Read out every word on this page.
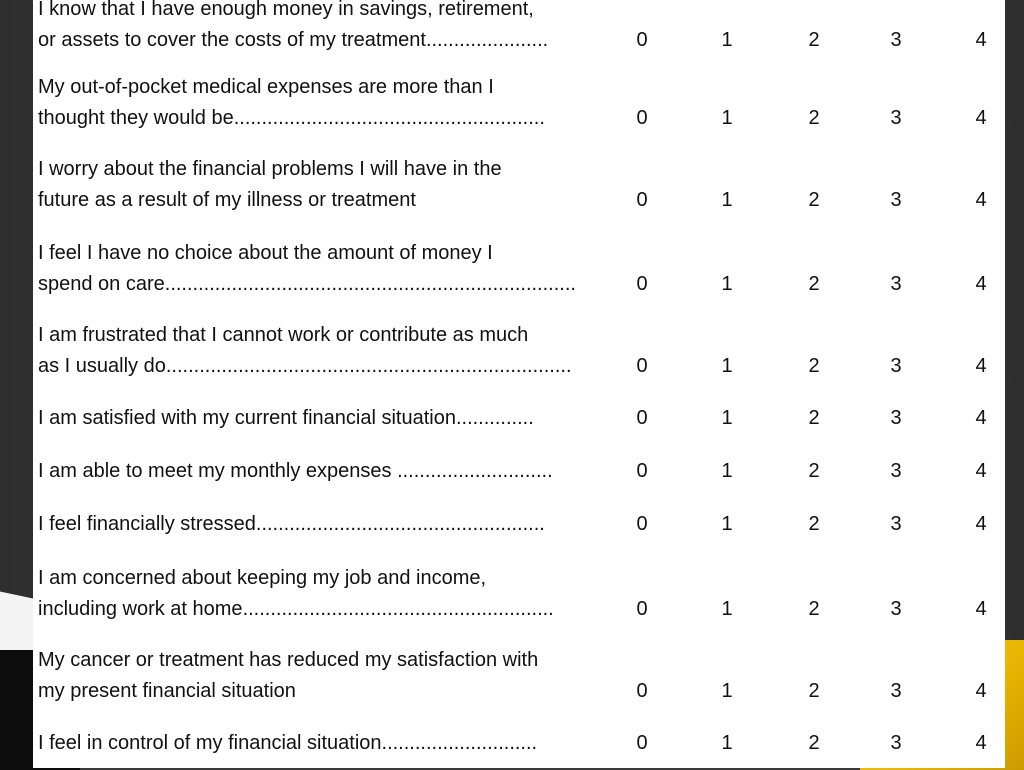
I know that I have enough money in savings, retirement,
or assets to cover the costs of my treatment......................	0	1	2	3	4
My out-of-pocket medical expenses are more than I
thought they would be........................................................	0	1	2	3	4
I worry about the financial problems I will have in the
future as a result of my illness or treatment	0	1	2	3	4
I feel I have no choice about the amount of money I
spend on care..........................................................................	0	1	2	3	4
I am frustrated that I cannot work or contribute as much
as I usually do.........................................................................	0	1	2	3	4
I am satisfied with my current financial situation..............	0	1	2	3	4
I am able to meet my monthly expenses ............................	0	1	2	3	4
I feel financially stressed....................................................	0	1	2	3	4
I am concerned about keeping my job and income,
including work at home........................................................	0	1	2	3	4
My cancer or treatment has reduced my satisfaction with
my present financial situation	0	1	2	3	4
I feel in control of my financial situation............................	0	1	2	3	4
